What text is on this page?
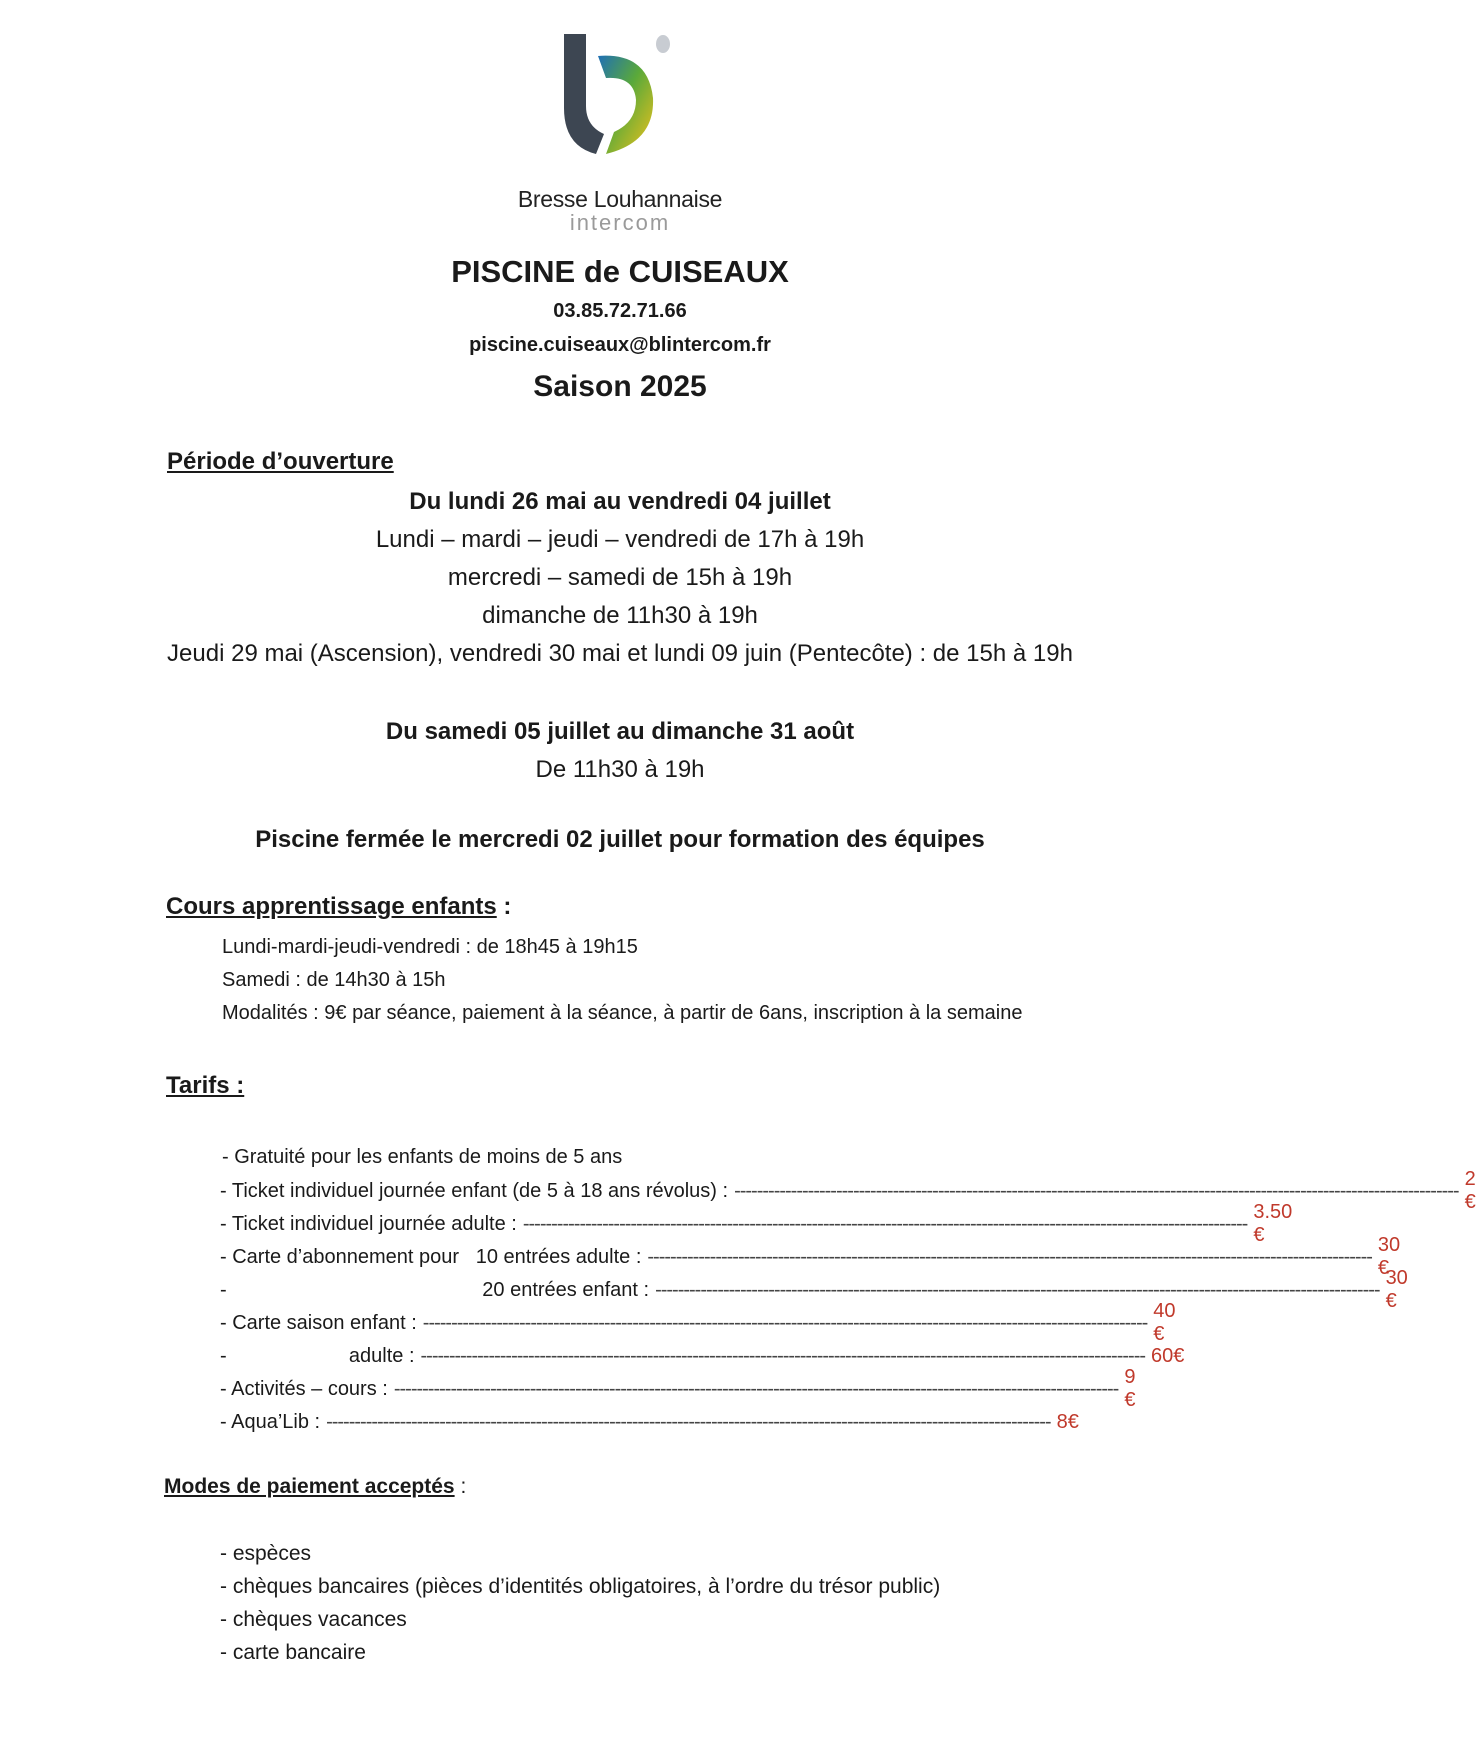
Bresse Louhannaise
intercom
PISCINE de CUISEAUX
03.85.72.71.66
piscine.cuiseaux@blintercom.fr
Saison 2025
Période d’ouverture
Du lundi 26 mai au vendredi 04 juillet
Lundi – mardi – jeudi – vendredi de 17h à 19h
mercredi – samedi de 15h à 19h
dimanche de 11h30 à 19h
Jeudi 29 mai (Ascension), vendredi 30 mai et lundi 09 juin (Pentecôte) : de 15h à 19h
Du samedi 05 juillet au dimanche 31 août
De 11h30 à 19h
Piscine fermée le mercredi 02 juillet pour formation des équipes
Cours apprentissage enfants :
Lundi-mardi-jeudi-vendredi : de 18h45 à 19h15
Samedi : de 14h30 à 15h
Modalités : 9€ par séance, paiement à la séance, à partir de 6ans, inscription à la semaine
Tarifs :
- Gratuité pour les enfants de moins de 5 ans
- Ticket individuel journée enfant (de 5 à 18 ans révolus) : --------------------------------------------------------------------------------------------------------------------------------
2 €
- Ticket individuel journée adulte : --------------------------------------------------------------------------------------------------------------------------------
3.50 €
- Carte d’abonnement pour   10 entrées adulte : --------------------------------------------------------------------------------------------------------------------------------
30 €
-                                              20 entrées enfant : --------------------------------------------------------------------------------------------------------------------------------
30 €
- Carte saison enfant : --------------------------------------------------------------------------------------------------------------------------------
40 €
-                      adulte : -------------------------------------------------------------------------------------------------------------------------------- 60€
- Activités – cours : --------------------------------------------------------------------------------------------------------------------------------
9 €
- Aqua’Lib : -------------------------------------------------------------------------------------------------------------------------------- 8€
Modes de paiement acceptés :
- espèces
- chèques bancaires (pièces d’identités obligatoires, à l’ordre du trésor public)
- chèques vacances
- carte bancaire
